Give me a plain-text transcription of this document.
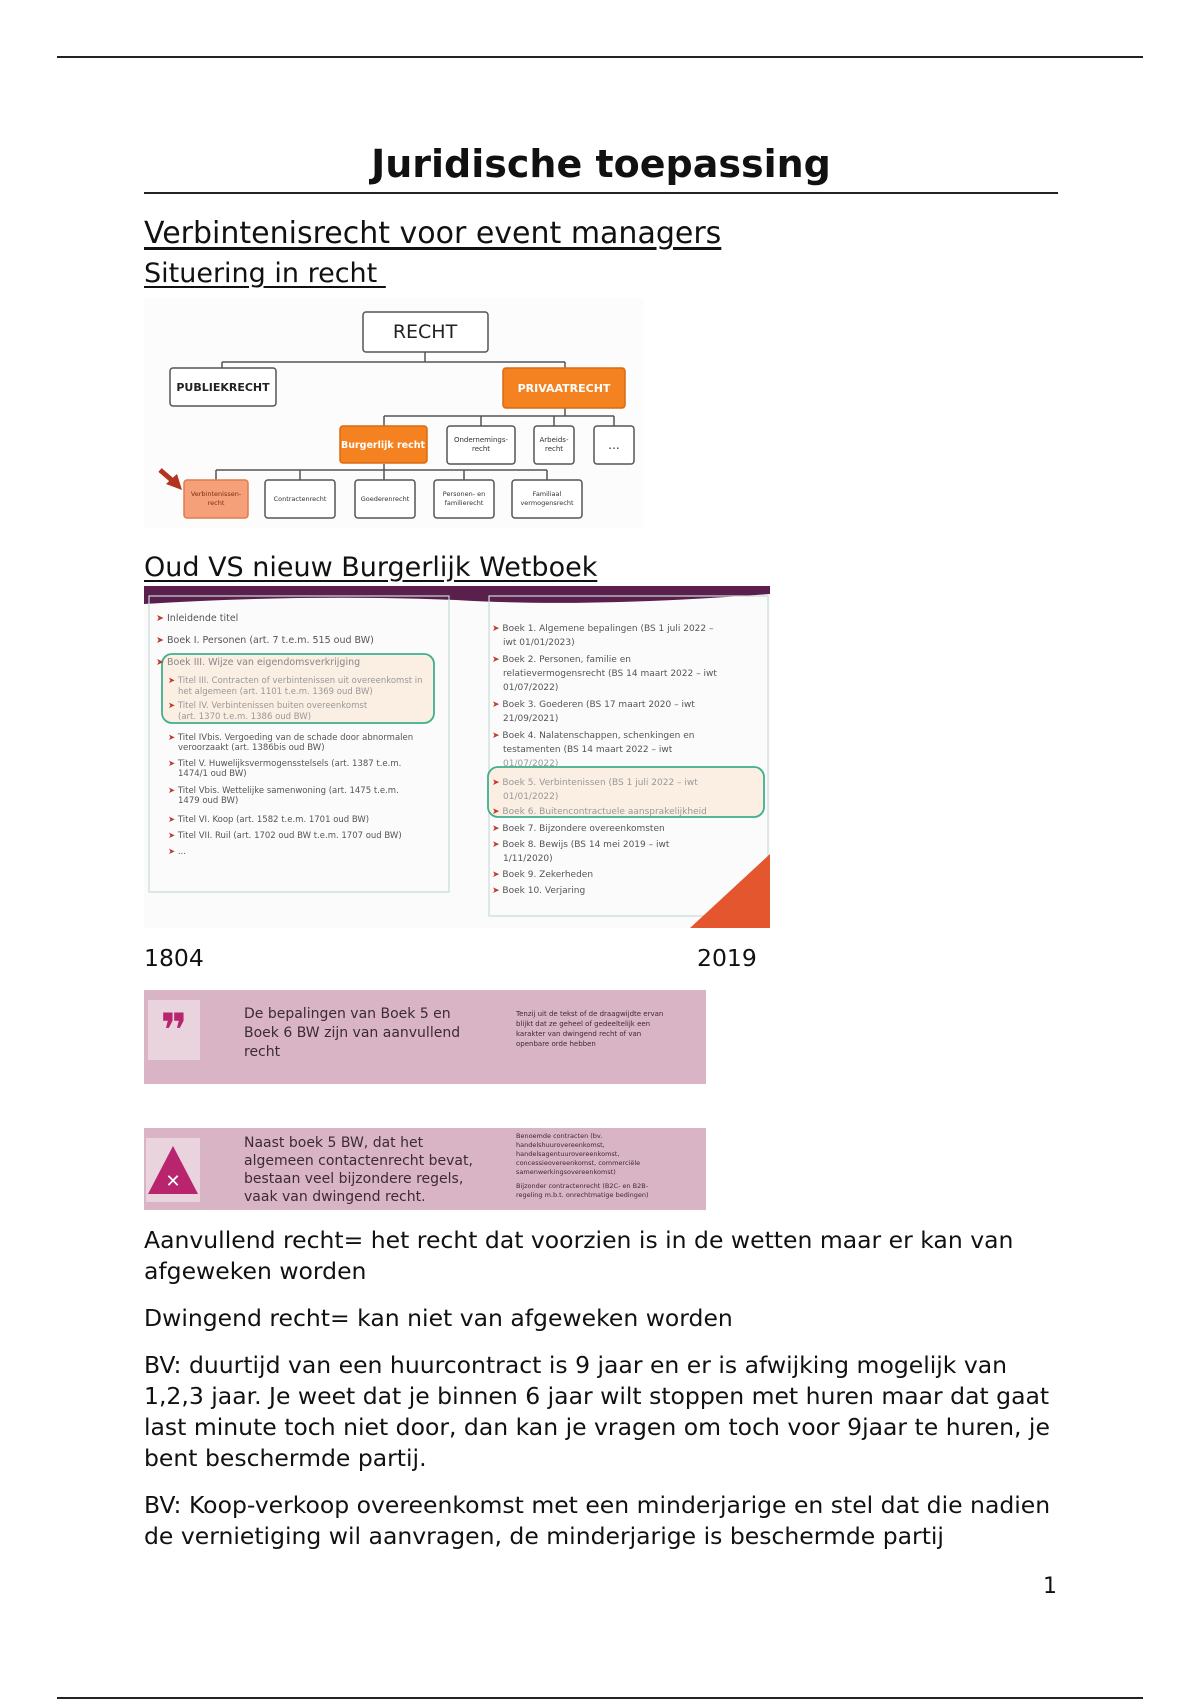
Juridische toepassing
Verbintenisrecht voor event managers
Situering in recht
RECHT
PUBLIEKRECHT	PRIVAATRECHT
Burgerlijk recht	Ondernemings-
recht
Arbeids-
recht	...
Verbintenissen-
recht	Contractenrecht	Goederenrecht
Personen- en
familierecht
Familiaal
vermogensrecht
Oud VS nieuw Burgerlijk Wetboek
➤ Inleidende titel
➤ Boek I. Personen (art. 7 t.e.m. 515 oud BW)
➤ Boek III. Wijze van eigendomsverkrijging
➤ Titel III. Contracten of verbintenissen uit overeenkomst in
het algemeen (art. 1101 t.e.m. 1369 oud BW)
➤ Titel IV. Verbintenissen buiten overeenkomst
(art. 1370 t.e.m. 1386 oud BW)
➤ Titel IVbis. Vergoeding van de schade door abnormalen
veroorzaakt (art. 1386bis oud BW)
➤ Titel V. Huwelijksvermogensstelsels (art. 1387 t.e.m.
1474/1 oud BW)
➤ Titel Vbis. Wettelijke samenwoning (art. 1475 t.e.m.
1479 oud BW)
➤ Titel VI. Koop (art. 1582 t.e.m. 1701 oud BW)
➤ Titel VII. Ruil (art. 1702 oud BW t.e.m. 1707 oud BW)
➤ ...
➤ Boek 1. Algemene bepalingen (BS 1 juli 2022 –
iwt 01/01/2023)
➤ Boek 2. Personen, familie en
relatievermogensrecht (BS 14 maart 2022 – iwt
01/07/2022)
➤ Boek 3. Goederen (BS 17 maart 2020 – iwt
21/09/2021)
➤ Boek 4. Nalatenschappen, schenkingen en
testamenten (BS 14 maart 2022 – iwt
01/07/2022)
➤ Boek 5. Verbintenissen (BS 1 juli 2022 – iwt
01/01/2022)
➤ Boek 6. Buitencontractuele aansprakelijkheid
➤ Boek 7. Bijzondere overeenkomsten
➤ Boek 8. Bewijs (BS 14 mei 2019 – iwt
1/11/2020)
➤ Boek 9. Zekerheden
➤ Boek 10. Verjaring
1804	2019
❞	De bepalingen van Boek 5 en
Boek 6 BW zijn van aanvullend
recht
Tenzij uit de tekst of de draagwijdte ervan
blijkt dat ze geheel of gedeeltelijk een
karakter van dwingend recht of van
openbare orde hebben
✕
Naast boek 5 BW, dat het
algemeen contactenrecht bevat,
bestaan veel bijzondere regels,
vaak van dwingend recht.
Benoemde contracten (bv.
handelshuurovereenkomst,
handelsagentuurovereenkomst,
concessieovereenkomst, commerciële
samenwerkingsovereenkomst)
Bijzonder contractenrecht (B2C- en B2B-
regeling m.b.t. onrechtmatige bedingen)

Aanvullend recht= het recht dat voorzien is in de wetten maar er kan van afgeweken worden

Dwingend recht= kan niet van afgeweken worden

BV: duurtijd van een huurcontract is 9 jaar en er is afwijking mogelijk van 1,2,3 jaar. Je weet dat je binnen 6 jaar wilt stoppen met huren maar dat gaat last minute toch niet door, dan kan je vragen om toch voor 9jaar te huren, je bent beschermde partij.

BV: Koop-verkoop overeenkomst met een minderjarige en stel dat die nadien de vernietiging wil aanvragen, de minderjarige is beschermde partij

1
